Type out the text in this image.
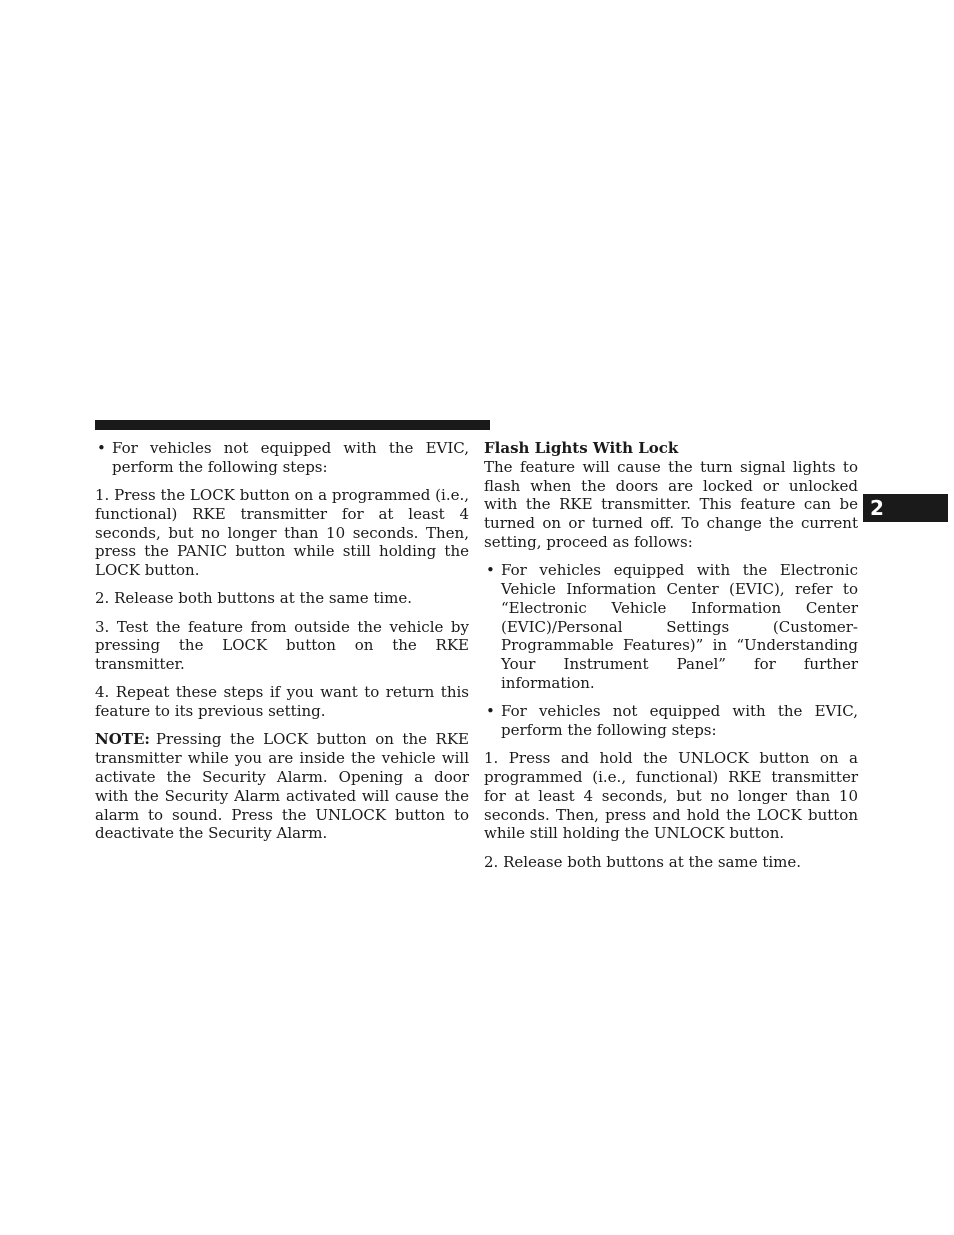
2
• For vehicles not equipped with the EVIC, perform the following steps:

1. Press the LOCK button on a programmed (i.e., functional) RKE transmitter for at least 4 seconds, but no longer than 10 seconds. Then, press the PANIC button while still holding the LOCK button.

2. Release both buttons at the same time.

3. Test the feature from outside the vehicle by pressing the LOCK button on the RKE transmitter.

4. Repeat these steps if you want to return this feature to its previous setting.

NOTE: Pressing the LOCK button on the RKE transmitter while you are inside the vehicle will activate the Security Alarm. Opening a door with the Security Alarm activated will cause the alarm to sound. Press the UNLOCK button to deactivate the Security Alarm.

Flash Lights With Lock

The feature will cause the turn signal lights to flash when the doors are locked or unlocked with the RKE transmitter. This feature can be turned on or turned off. To change the current setting, proceed as follows:

• For vehicles equipped with the Electronic Vehicle Information Center (EVIC), refer to “Electronic Vehicle Information Center (EVIC)/Personal Settings (Customer-Programmable Features)” in “Understanding Your Instrument Panel” for further information.
• For vehicles not equipped with the EVIC, perform the following steps:

1. Press and hold the UNLOCK button on a programmed (i.e., functional) RKE transmitter for at least 4 seconds, but no longer than 10 seconds. Then, press and hold the LOCK button while still holding the UNLOCK button.

2. Release both buttons at the same time.
